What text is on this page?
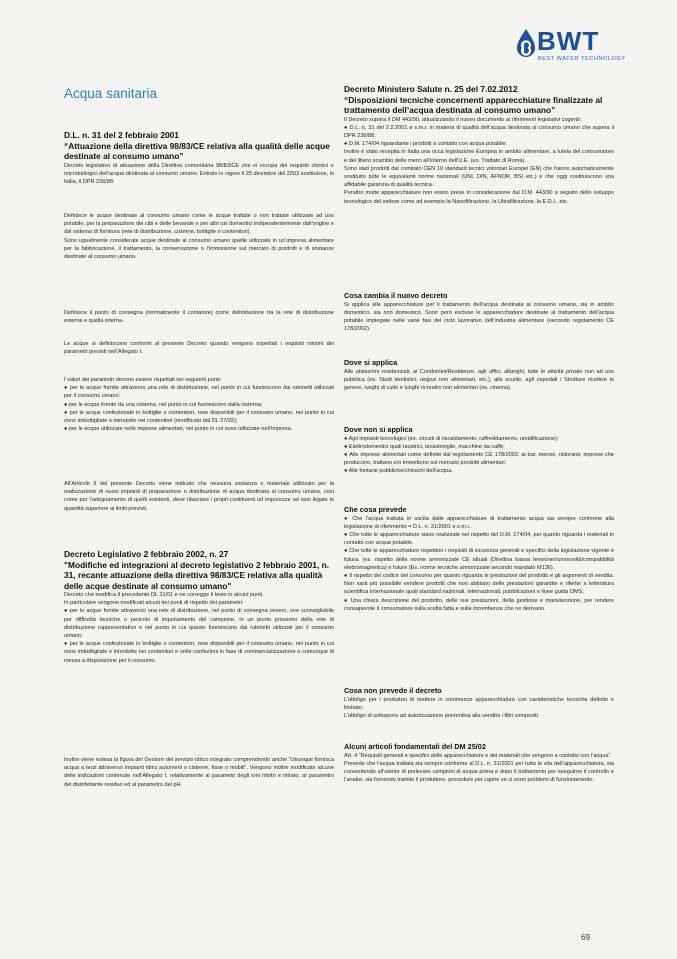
BWT
BEST WATER TECHNOLOGY
Acqua sanitaria
D.L. n. 31 del 2 febbraio 2001
“Attuazione della direttiva 98/83/CE relativa alla qualità delle acque destinate al consumo umano”

Decreto legislativo di attuazione della Direttiva comunitaria 98/83/CE che si occupa dei requisiti chimici e microbiologici dell’acqua destinata al consumo umano. Entrato in vigore il 25 dicembre del 2003 sostituisce, in Italia, il DPR 236/88.

Definisce le acque destinate al consumo umano come le acque trattate o non trattate utilizzate ad uso potabile, per la preparazione dei cibi e delle bevande e per altri usi domestici indipendentemente dall’origine e dal sistema di fornitura (rete di distribuzione, cisterne, bottiglie o contenitori).

Sono ugualmente considerate acque destinate al consumo umano quelle utilizzate in un’impresa alimentare per la fabbricazione, il trattamento, la conservazione o l’immissione sul mercato di prodotti e di sostanze destinate al consumo umano.

Definisce il punto di consegna (normalmente il contatore) come delimitazione tra la rete di distribuzione esterna e quella interna.

Le acque si definiscono conformi al presente Decreto quando vengono rispettati i requisiti minimi dei parametri previsti nell’Allegato I.

I valori dei parametri devono essere rispettati nei seguenti punti:

● per le acque fornite attraverso una rete di distribuzione, nel punto in cui fuoriescono dai rubinetti utilizzati per il consumo umano;

● per le acque fornite da una cisterna, nel punto in cui fuoriescono dalla cisterna;

● per le acque confezionate in bottiglie o contenitori, rese disponibili per il consumo umano, nel punto in cui sono imbottigliate o introdotte nei contenitori (modificato dal DL 27/02);

● per le acque utilizzate nelle imprese alimentari, nel punto in cui sono utilizzate nell’impresa.

All’Articolo 9 del presente Decreto viene indicato che nessuna sostanza o materiale utilizzato per la realizzazione di nuovi impianti di preparazione o distribuzione di acqua destinata al consumo umano, così come per l’adeguamento di quelli esistenti, deve rilasciare i propri costituenti od impurezze ad essi legate in quantità superiore ai limiti previsti.

Decreto Legislativo 2 febbraio 2002, n. 27
"Modifiche ed integrazioni al decreto legislativo 2 febbraio 2001, n. 31, recante attuazione della direttiva 98/83/CE relativa alla qualità delle acque destinate al consumo umano"

Decreto che modifica il precedente DL 31/01 e ne corregge il testo in alcuni punti.

In particolare vengono modificati alcuni dei punti di rispetto dei parametri:

● per le acque fornite attraverso una rete di distribuzione, nel punto di consegna ovvero, ove sconsigliabile per difficoltà tecniche o pericolo di inquinamento del campione, in un punto prossimo della rete di distribuzione rappresentativo e nel punto in cui queste fuoriescono dai rubinetti utilizzati per il consumo umano;

● per le acque confezionate in bottiglie o contenitori, rese disponibili per il consumo umano, nel punto in cui sono imbottigliate o introdotte nei contenitori e nelle confezioni in fase di commercializzazione o comunque di messa a disposizione per il consumo.

Inoltre viene estesa la figura del Gestore del servizio idrico integrato comprendendo anche “chiunque fornisca acqua a terzi attraverso impianti idrici autonomi o cisterne, fisse o mobili”. Vengono inoltre modificate alcune delle indicazioni contenute nell’Allegato I, relativamente ai parametri degli ioni nitrito e nitrato, al parametro del disinfettante residuo ed al parametro del pH.

Decreto Ministero Salute n. 25 del 7.02.2012
“Disposizioni tecniche concernenti apparecchiature finalizzate al trattamento dell’acqua destinata al consumo umano”

Il Decreto supera il DM 443/90, attualizzando il nuovo documento ai riferimenti legislativi cogenti:

● D.L. n. 31 del 2.2.2001 e s.m.i. in materia di qualità dell’acqua destinata al consumo umano che supera il DPR 236/88.

● D.M. 174/04 riguardante i prodotti a contatto con acqua potabile.

Inoltre è stato recepita in Italia una ricca legislazione Europea in ambito alimentare, a tutela del consumatore e del libero scambio delle merci all’interno dell’U.E. (es. Trattato di Roma).

Sono stati prodotti dal comitato CEN 10 standard tecnici volontari Europei (EN) che hanno automaticamente sostituito tutte le equivalenti norme nazionali (UNI, DIN, AFNOR, BSI etc.) e che oggi costituiscono una affidabile garanzia di qualità tecnica.

Peraltro molte apparecchiature non erano prese in considerazione dal D.M. 443/90 a seguito dello sviluppo tecnologico del settore come ad esempio la Nanofiltrazione, la Ultrafiltrazione, la E.D.I., etc.

Cosa cambia il nuovo decreto

Si applica alle apparecchiature per il trattamento dell’acqua destinata al consumo umano, sia in ambito domestico, sia non domestico. Sono però escluse le apparecchiature destinate al trattamento dell’acqua potabile impiegate nelle varie fasi del ciclo lavorativo dell’industria alimentare (secondo regolamento CE 178/2002).

Dove si applica

Alle abitazioni residenziali, ai Condomini/Residenze, agli uffici, alberghi, tutte le attività private non ad uso pubblica (es. Studi dentistici, negozi non alimentari, etc.), alle scuole, agli ospedali / Strutture ricettive in genere, luoghi di culto e luoghi ricreativi non alimentari (es. cinema).

Dove non si applica

● Agli impianti tecnologici (es. circuiti di riscaldamento, raffreddamento, umidificazione);

● Elettrodomestici quali lavatrici, lavastoviglie, macchine da caffè;

● Alle imprese alimentari come definite dal regolamento CE 178/2002, ai bar, mense, ristoranti, imprese che producono, trattano e/o immettono sul mercato prodotti alimentari;

● Alle fontane pubbliche/chioschi dell’acqua.

Che cosa prevede

● Che l’acqua trattata in uscita dalle apparecchiature di trattamento acqua sia sempre conforme alla legislazione di riferimento = D.L. n. 31/2001 e s.m.i..

● Che tutte le apparecchiature siano realizzate nel rispetto del D.M. 174/04, per quanto riguarda i materiali in contatto con acqua potabile.

● Che tutte le apparecchiature rispettino i requisiti di sicurezza generali e specifici della legislazione vigente e futura. (es. rispetto delle norme armonizzate CE attuali (Direttiva bassa tensione/rumorosità/compatibilità elettromagnetica) e future (Es. norme tecniche armonizzate secondo mandato M136).

● Il rispetto del codice del consumo per quanto riguarda le prestazioni del prodotto e gli argomenti di vendita. Non sarà più possibile vendere prodotti che non abbiano delle prestazioni garantite e riferite a letteratura scientifica internazionale quali standard nazionali, internazionali, pubblicazioni e linee guida OMS;

● Una chiara descrizione del prodotto, delle sue prestazioni, della gestione e manutenzione, per rendere consapevole il consumatore sulla scelta fatta e sulle incombenze che ne derivano.

Cosa non prevede il decreto

L’obbligo per i produttori di mettere in commercio apparecchiature con caratteristiche tecniche definite e limitate;

L’obbligo di sottoporre ad autorizzazione preventiva alla vendita i filtri compositi.

Alcuni articoli fondamentali del DM 25/02

Art. 4 “Requisiti generali e specifici delle apparecchiature e dei materiali che vengono a contatto con l’acqua”

Prevede che l’acqua trattata sia sempre conforme al D.L. n. 31/2001 per tutta la vita dell’apparecchiatura, sia consentendo all’utente di prelevare campioni di acqua prima e dopo il trattamento per eseguirne il controllo e l’analisi, sia fornendo tramite il produttore, procedure per capire se ci sono problemi di funzionamento.

69
